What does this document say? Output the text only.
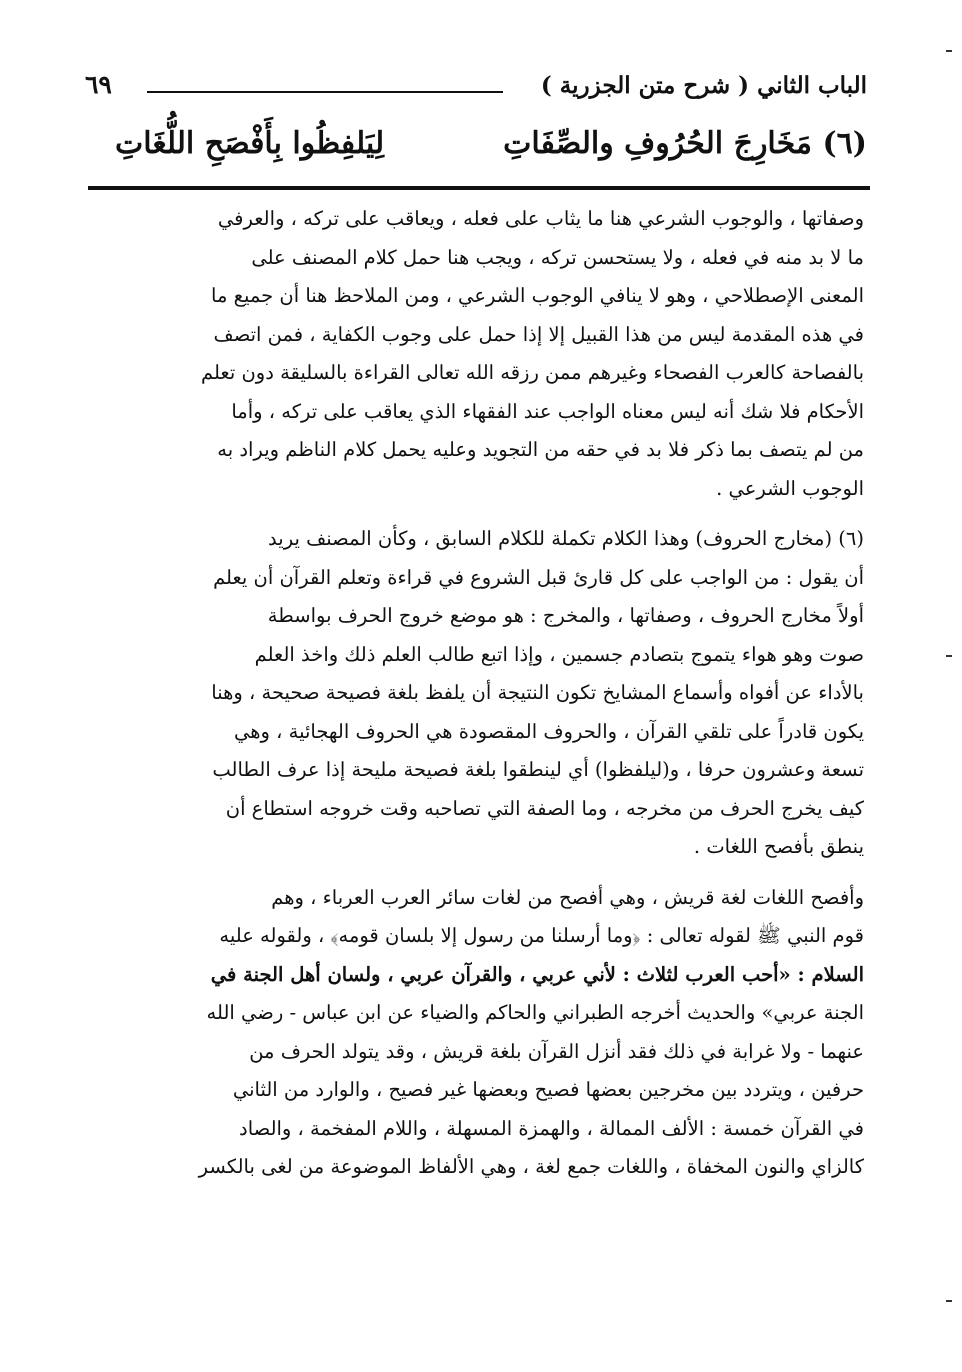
الباب الثاني ( شرح متن الجزرية )
٦٩
(٦) مَخَارِجَ الحُرُوفِ والصِّفَاتِ
لِيَلفِظُوا بِأَفْصَحِ اللُّغَاتِ

وصفاتها ، والوجوب الشرعي هنا ما يثاب على فعله ، ويعاقب على تركه ، والعرفي

ما لا بد منه في فعله ، ولا يستحسن تركه ، ويجب هنا حمل كلام المصنف على

المعنى الإصطلاحي ، وهو لا ينافي الوجوب الشرعي ، ومن الملاحظ هنا أن جميع ما

في هذه المقدمة ليس من هذا القبيل إلا إذا حمل على وجوب الكفاية ، فمن اتصف

بالفصاحة كالعرب الفصحاء وغيرهم ممن رزقه الله تعالى القراءة بالسليقة دون تعلم

الأحكام فلا شك أنه ليس معناه الواجب عند الفقهاء الذي يعاقب على تركه ، وأما

من لم يتصف بما ذكر فلا بد في حقه من التجويد وعليه يحمل كلام الناظم ويراد به

الوجوب الشرعي .

(٦) (مخارج الحروف) وهذا الكلام تكملة للكلام السابق ، وكأن المصنف يريد

أن يقول : من الواجب على كل قارئ قبل الشروع في قراءة وتعلم القرآن أن يعلم

أولاً مخارج الحروف ، وصفاتها ، والمخرج : هو موضع خروج الحرف بواسطة

صوت وهو هواء يتموج بتصادم جسمين ، وإذا اتبع طالب العلم ذلك واخذ العلم

بالأداء عن أفواه وأسماع المشايخ تكون النتيجة أن يلفظ بلغة فصيحة صحيحة ، وهنا

يكون قادراً على تلقي القرآن ، والحروف المقصودة هي الحروف الهجائية ، وهي

تسعة وعشرون حرفا ، و(ليلفظوا) أي لينطقوا بلغة فصيحة مليحة إذا عرف الطالب

كيف يخرج الحرف من مخرجه ، وما الصفة التي تصاحبه وقت خروجه استطاع أن

ينطق بأفصح اللغات .

وأفصح اللغات لغة قريش ، وهي أفصح من لغات سائر العرب العرباء ، وهم

قوم النبي ﷺ لقوله تعالى : ﴿وما أرسلنا من رسول إلا بلسان قومه﴾ ، ولقوله عليه

السلام : «أحب العرب لثلاث : لأني عربي ، والقرآن عربي ، ولسان أهل الجنة في

الجنة عربي» والحديث أخرجه الطبراني والحاكم والضياء عن ابن عباس - رضي الله

عنهما - ولا غرابة في ذلك فقد أنزل القرآن بلغة قريش ، وقد يتولد الحرف من

حرفين ، ويتردد بين مخرجين بعضها فصيح وبعضها غير فصيح ، والوارد من الثاني

في القرآن خمسة : الألف الممالة ، والهمزة المسهلة ، واللام المفخمة ، والصاد

كالزاي والنون المخفاة ، واللغات جمع لغة ، وهي الألفاظ الموضوعة من لغى بالكسر
